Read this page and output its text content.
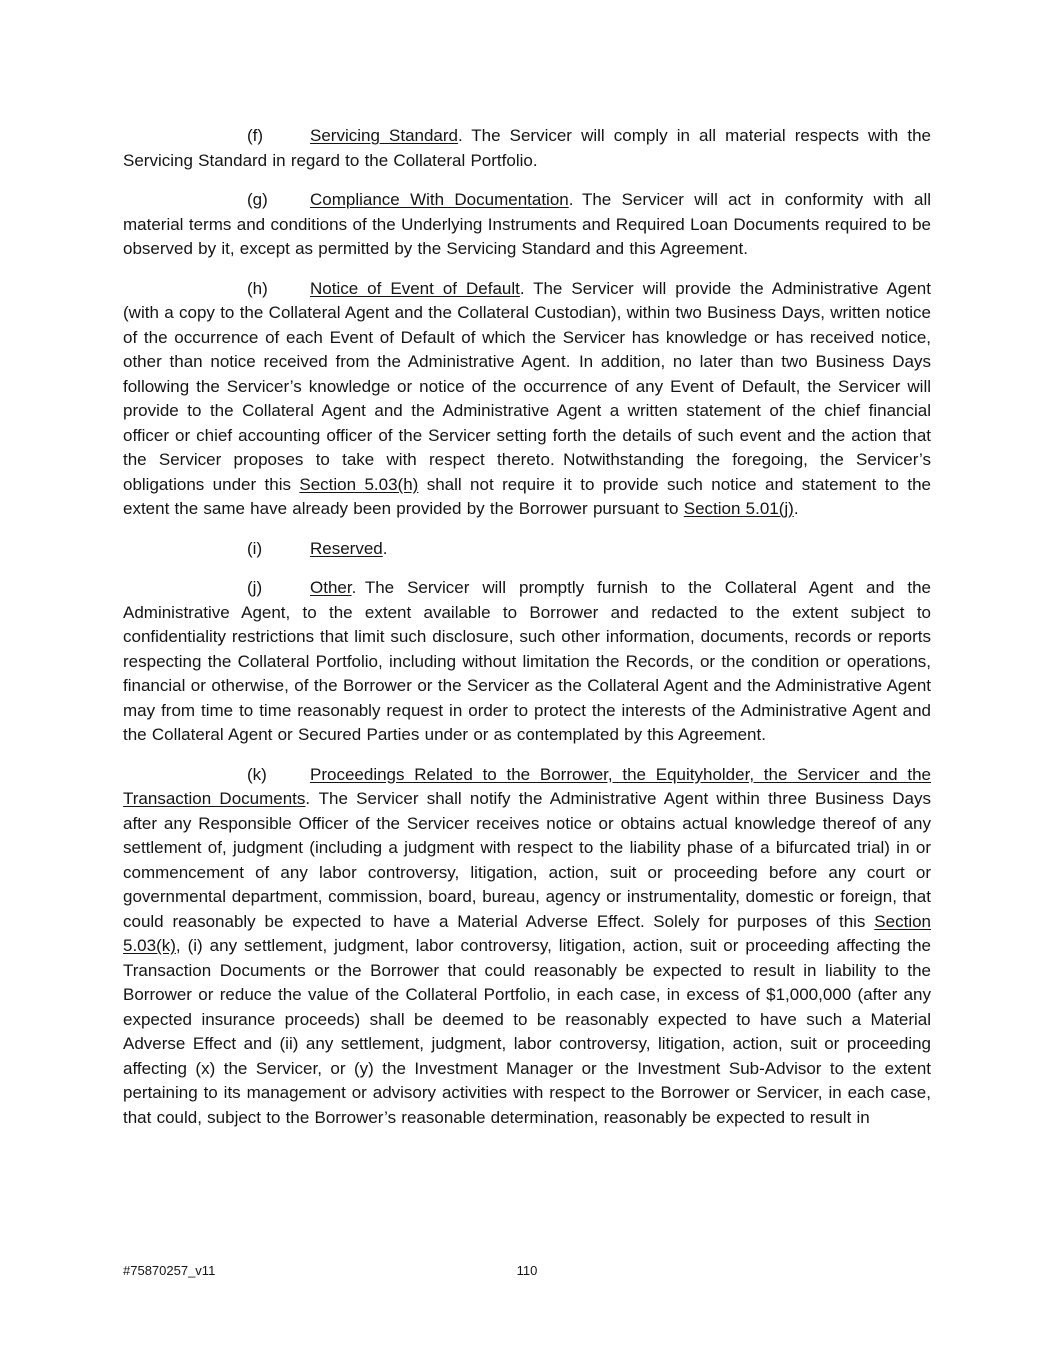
(f)	Servicing Standard. The Servicer will comply in all material respects with the Servicing Standard in regard to the Collateral Portfolio.

(g) Compliance With Documentation. The Servicer will act in conformity with all material terms and conditions of the Underlying Instruments and Required Loan Documents required to be observed by it, except as permitted by the Servicing Standard and this Agreement.

(h) Notice of Event of Default. The Servicer will provide the Administrative Agent (with a copy to the Collateral Agent and the Collateral Custodian), within two Business Days, written notice of the occurrence of each Event of Default of which the Servicer has knowledge or has received notice, other than notice received from the Administrative Agent. In addition, no later than two Business Days following the Servicer’s knowledge or notice of the occurrence of any Event of Default, the Servicer will provide to the Collateral Agent and the Administrative Agent a written statement of the chief financial officer or chief accounting officer of the Servicer setting forth the details of such event and the action that the Servicer proposes to take with respect thereto. Notwithstanding the foregoing, the Servicer’s obligations under this Section 5.03(h) shall not require it to provide such notice and statement to the extent the same have already been provided by the Borrower pursuant to Section 5.01(j).

(i)	Reserved.

(j)	Other. The Servicer will promptly furnish to the Collateral Agent and the Administrative Agent, to the extent available to Borrower and redacted to the extent subject to confidentiality restrictions that limit such disclosure, such other information, documents, records or reports respecting the Collateral Portfolio, including without limitation the Records, or the condition or operations, financial or otherwise, of the Borrower or the Servicer as the Collateral Agent and the Administrative Agent may from time to time reasonably request in order to protect the interests of the Administrative Agent and the Collateral Agent or Secured Parties under or as contemplated by this Agreement.

(k)	Proceedings Related to the Borrower, the Equityholder, the Servicer and the Transaction Documents. The Servicer shall notify the Administrative Agent within three Business Days after any Responsible Officer of the Servicer receives notice or obtains actual knowledge thereof of any settlement of, judgment (including a judgment with respect to the liability phase of a bifurcated trial) in or commencement of any labor controversy, litigation, action, suit or proceeding before any court or governmental department, commission, board, bureau, agency or instrumentality, domestic or foreign, that could reasonably be expected to have a Material Adverse Effect. Solely for purposes of this Section 5.03(k), (i) any settlement, judgment, labor controversy, litigation, action, suit or proceeding affecting the Transaction Documents or the Borrower that could reasonably be expected to result in liability to the Borrower or reduce the value of the Collateral Portfolio, in each case, in excess of $1,000,000 (after any expected insurance proceeds) shall be deemed to be reasonably expected to have such a Material Adverse Effect and (ii) any settlement, judgment, labor controversy, litigation, action, suit or proceeding affecting (x) the Servicer, or (y) the Investment Manager or the Investment Sub-Advisor to the extent pertaining to its management or advisory activities with respect to the Borrower or Servicer, in each case, that could, subject to the Borrower’s reasonable determination, reasonably be expected to result in

#75870257_v11	110
